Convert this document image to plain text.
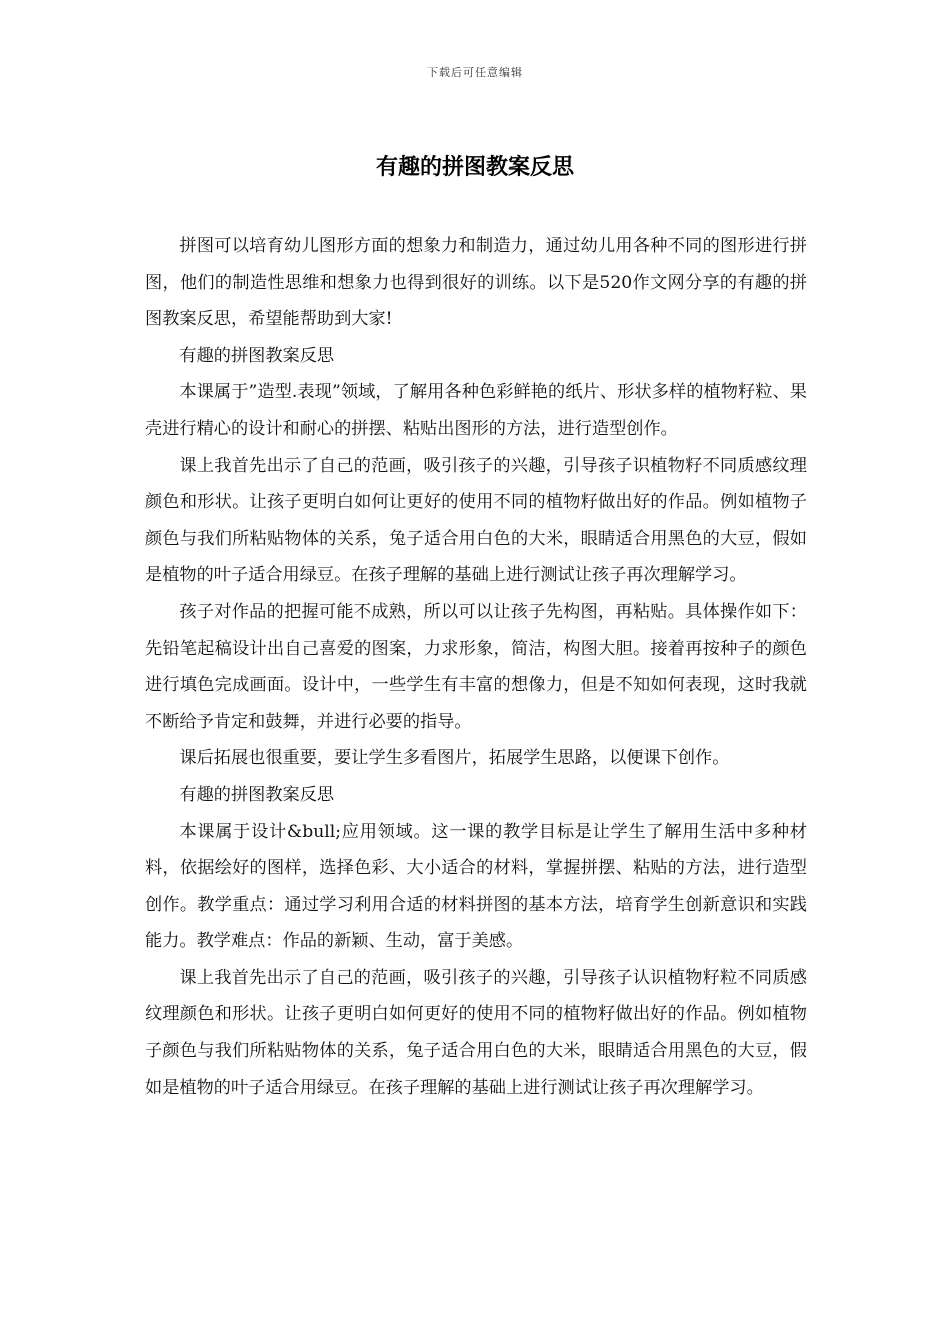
下载后可任意编辑
有趣的拼图教案反思

拼图可以培育幼儿图形方面的想象力和制造力，通过幼儿用各种不同的图形进行拼图，他们的制造性思维和想象力也得到很好的训练。以下是520作文网分享的有趣的拼图教案反思，希望能帮助到大家!

有趣的拼图教案反思

本课属于”造型.表现”领域，了解用各种色彩鲜艳的纸片、形状多样的植物籽粒、果壳进行精心的设计和耐心的拼摆、粘贴出图形的方法，进行造型创作。

课上我首先出示了自己的范画，吸引孩子的兴趣，引导孩子识植物籽不同质感纹理颜色和形状。让孩子更明白如何让更好的使用不同的植物籽做出好的作品。例如植物子颜色与我们所粘贴物体的关系，兔子适合用白色的大米，眼睛适合用黑色的大豆，假如是植物的叶子适合用绿豆。在孩子理解的基础上进行测试让孩子再次理解学习。

孩子对作品的把握可能不成熟，所以可以让孩子先构图，再粘贴。具体操作如下：先铅笔起稿设计出自己喜爱的图案，力求形象，简洁，构图大胆。接着再按种子的颜色进行填色完成画面。设计中，一些学生有丰富的想像力，但是不知如何表现，这时我就不断给予肯定和鼓舞，并进行必要的指导。

课后拓展也很重要，要让学生多看图片，拓展学生思路，以便课下创作。

有趣的拼图教案反思

本课属于设计&bull;应用领域。这一课的教学目标是让学生了解用生活中多种材料，依据绘好的图样，选择色彩、大小适合的材料，掌握拼摆、粘贴的方法，进行造型创作。教学重点：通过学习利用合适的材料拼图的基本方法，培育学生创新意识和实践能力。教学难点：作品的新颖、生动，富于美感。

课上我首先出示了自己的范画，吸引孩子的兴趣，引导孩子认识植物籽粒不同质感纹理颜色和形状。让孩子更明白如何更好的使用不同的植物籽做出好的作品。例如植物子颜色与我们所粘贴物体的关系，兔子适合用白色的大米，眼睛适合用黑色的大豆，假如是植物的叶子适合用绿豆。在孩子理解的基础上进行测试让孩子再次理解学习。
